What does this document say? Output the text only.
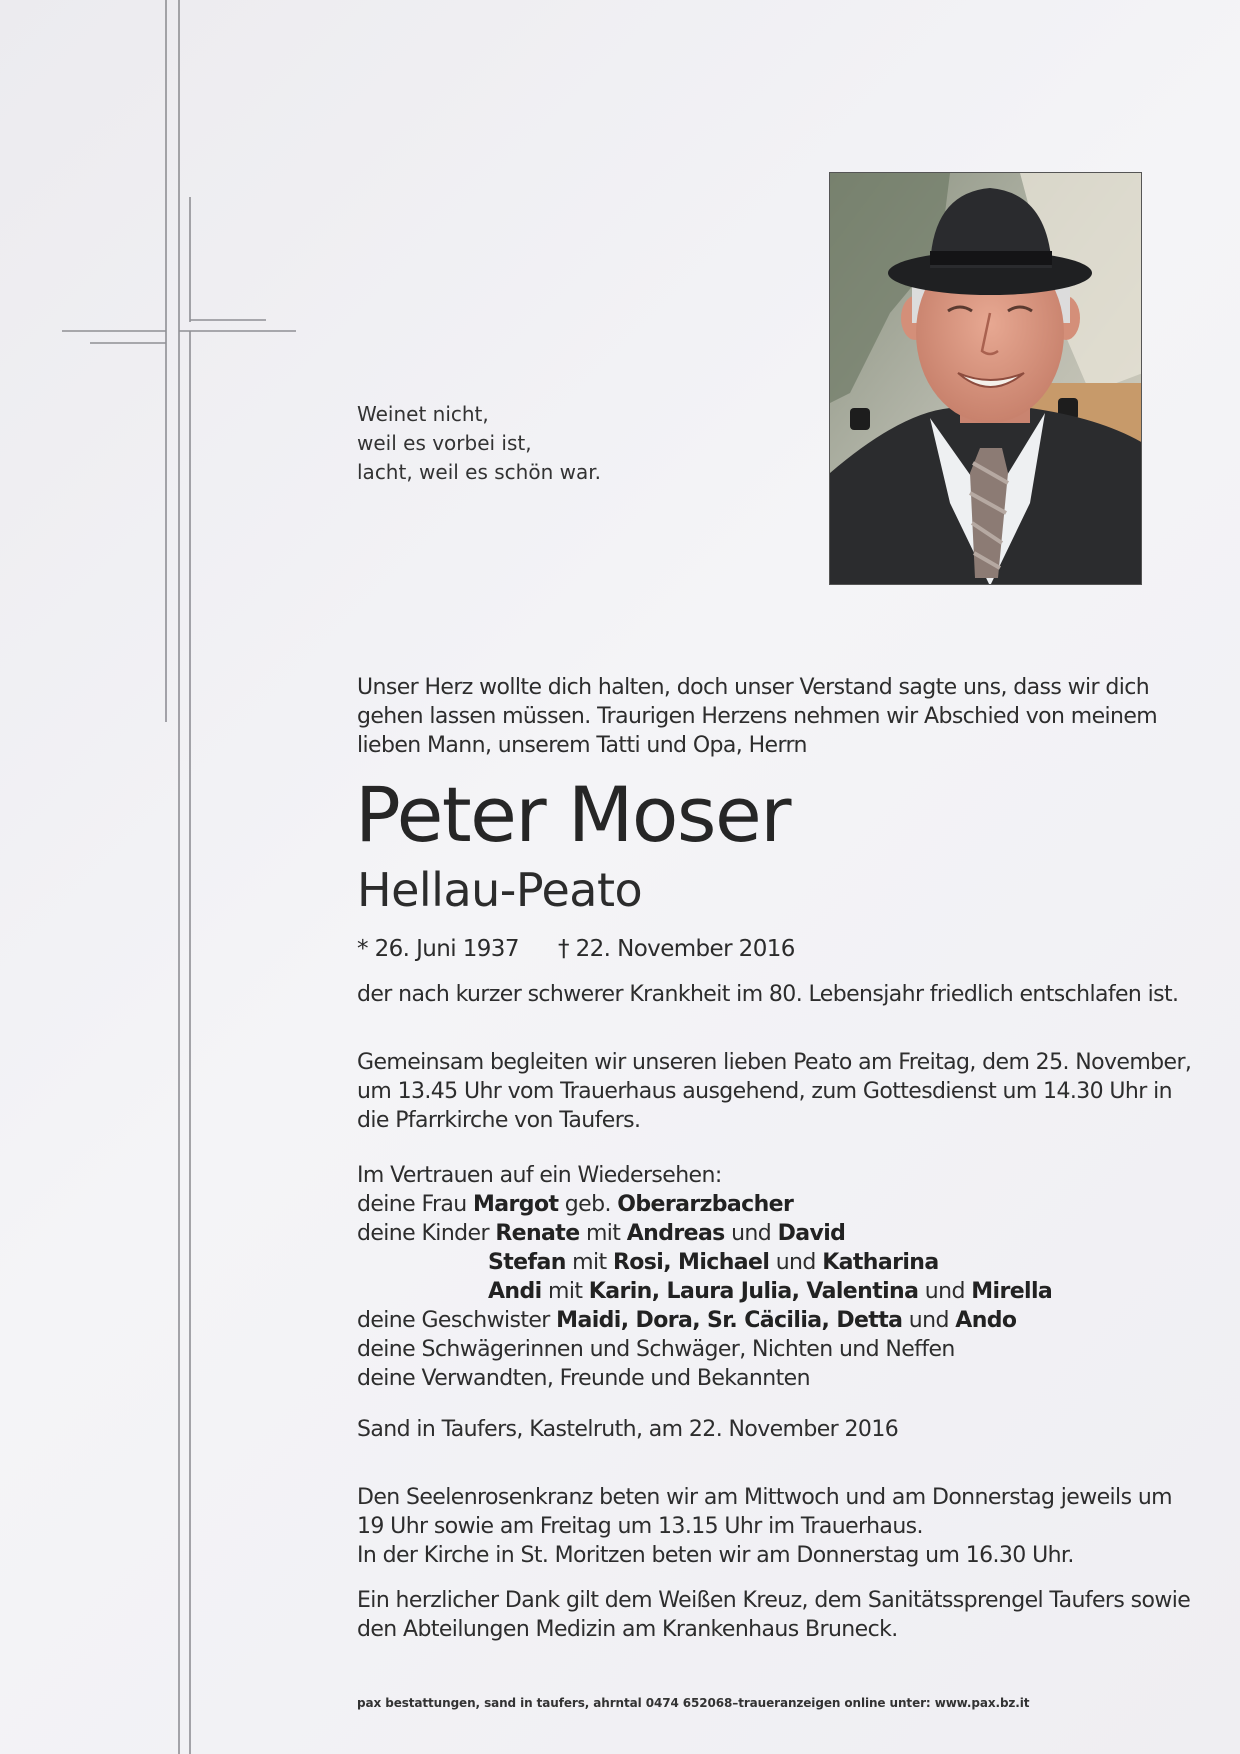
Weinet nicht,
weil es vorbei ist,
lacht, weil es schön war.
Unser Herz wollte dich halten, doch unser Verstand sagte uns, dass wir dich
gehen lassen müssen. Traurigen Herzens nehmen wir Abschied von meinem
lieben Mann, unserem Tatti und Opa, Herrn
Peter Moser
Hellau-Peato
* 26. Juni 1937 † 22. November 2016
der nach kurzer schwerer Krankheit im 80. Lebensjahr friedlich entschlafen ist.
Gemeinsam begleiten wir unseren lieben Peato am Freitag, dem 25. November,
um 13.45 Uhr vom Trauerhaus ausgehend, zum Gottesdienst um 14.30 Uhr in
die Pfarrkirche von Taufers.
Im Vertrauen auf ein Wiedersehen:
deine Frau Margot geb. Oberarzbacher
deine Kinder Renate mit Andreas und David
Stefan mit Rosi, Michael und Katharina
Andi mit Karin, Laura Julia, Valentina und Mirella
deine Geschwister Maidi, Dora, Sr. Cäcilia, Detta und Ando
deine Schwägerinnen und Schwäger, Nichten und Neffen
deine Verwandten, Freunde und Bekannten
Sand in Taufers, Kastelruth, am 22. November 2016
Den Seelenrosenkranz beten wir am Mittwoch und am Donnerstag jeweils um
19 Uhr sowie am Freitag um 13.15 Uhr im Trauerhaus.
In der Kirche in St. Moritzen beten wir am Donnerstag um 16.30 Uhr.
Ein herzlicher Dank gilt dem Weißen Kreuz, dem Sanitätssprengel Taufers sowie
den Abteilungen Medizin am Krankenhaus Bruneck.
pax bestattungen, sand in taufers, ahrntal 0474 652068–traueranzeigen online unter: www.pax.bz.it
